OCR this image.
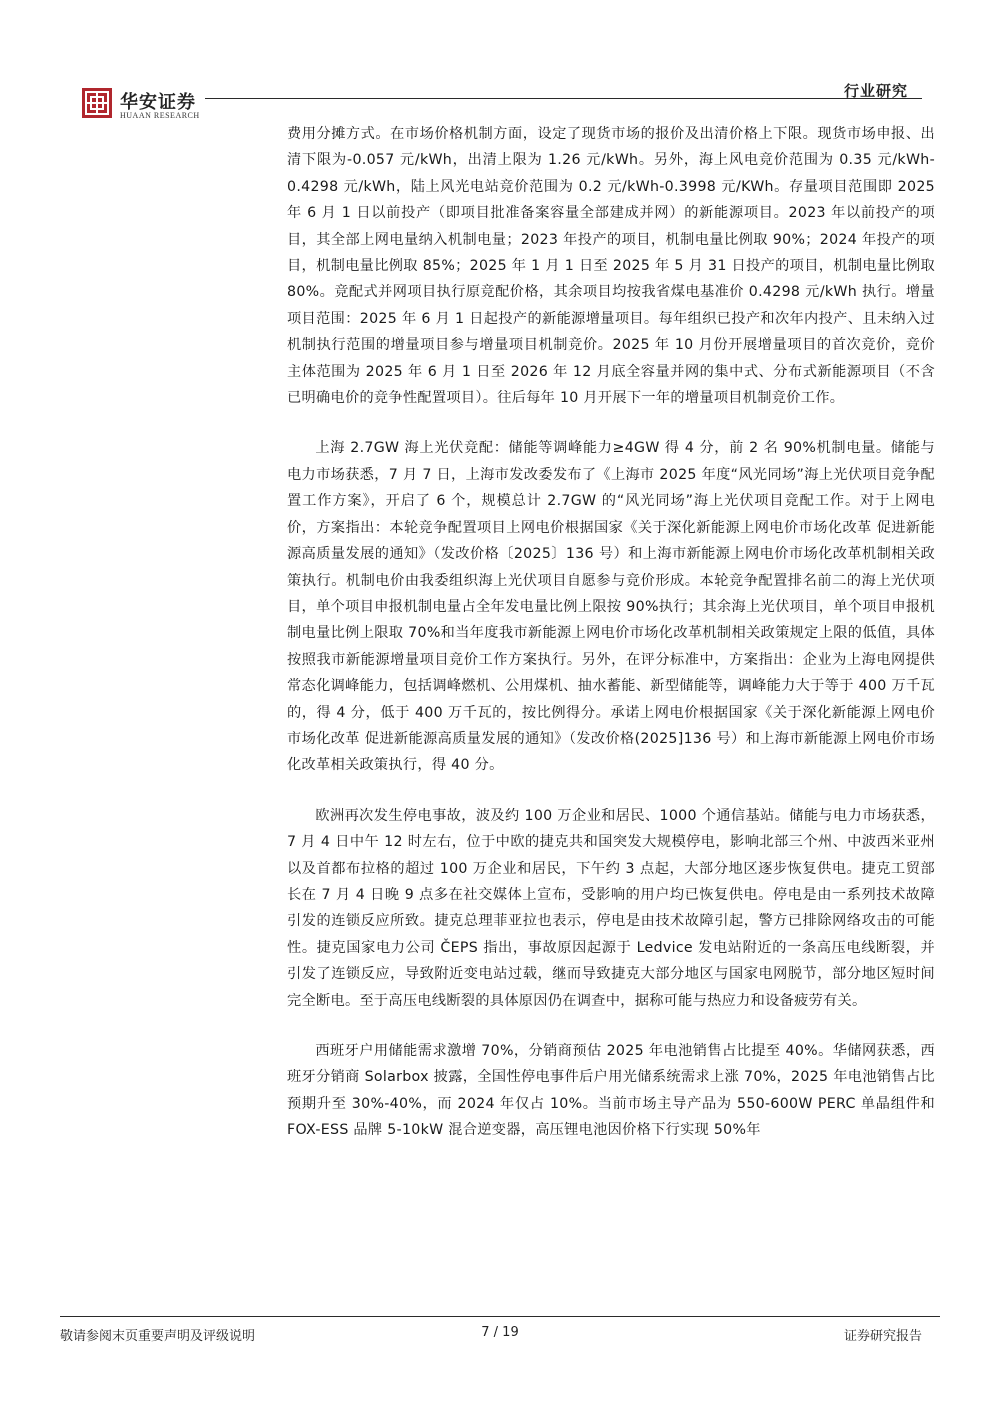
华安证券
HUAAN RESEARCH
行业研究

费用分摊方式。在市场价格机制方面，设定了现货市场的报价及出清价格上下限。现货市场申报、出清下限为-0.057 元/kWh，出清上限为 1.26 元/kWh。另外，海上风电竞价范围为 0.35 元/kWh-0.4298 元/kWh，陆上风光电站竞价范围为 0.2 元/kWh-0.3998 元/KWh。存量项目范围即 2025 年 6 月 1 日以前投产（即项目批准备案容量全部建成并网）的新能源项目。2023 年以前投产的项目，其全部上网电量纳入机制电量；2023 年投产的项目，机制电量比例取 90%；2024 年投产的项目，机制电量比例取 85%；2025 年 1 月 1 日至 2025 年 5 月 31 日投产的项目，机制电量比例取 80%。竞配式并网项目执行原竞配价格，其余项目均按我省煤电基准价 0.4298 元/kWh 执行。增量项目范围：2025 年 6 月 1 日起投产的新能源增量项目。每年组织已投产和次年内投产、且未纳入过机制执行范围的增量项目参与增量项目机制竞价。2025 年 10 月份开展增量项目的首次竞价，竞价主体范围为 2025 年 6 月 1 日至 2026 年 12 月底全容量并网的集中式、分布式新能源项目（不含已明确电价的竞争性配置项目）。往后每年 10 月开展下一年的增量项目机制竞价工作。

上海 2.7GW 海上光伏竞配：储能等调峰能力≥4GW 得 4 分，前 2 名 90%机制电量。储能与电力市场获悉，7 月 7 日，上海市发改委发布了《上海市 2025 年度“风光同场”海上光伏项目竞争配置工作方案》，开启了 6 个，规模总计 2.7GW 的“风光同场”海上光伏项目竞配工作。对于上网电价，方案指出：本轮竞争配置项目上网电价根据国家《关于深化新能源上网电价市场化改革 促进新能源高质量发展的通知》（发改价格〔2025〕136 号）和上海市新能源上网电价市场化改革机制相关政策执行。机制电价由我委组织海上光伏项目自愿参与竞价形成。本轮竞争配置排名前二的海上光伏项目，单个项目申报机制电量占全年发电量比例上限按 90%执行；其余海上光伏项目，单个项目申报机制电量比例上限取 70%和当年度我市新能源上网电价市场化改革机制相关政策规定上限的低值，具体按照我市新能源增量项目竞价工作方案执行。另外，在评分标准中，方案指出：企业为上海电网提供常态化调峰能力，包括调峰燃机、公用煤机、抽水蓄能、新型储能等，调峰能力大于等于 400 万千瓦的，得 4 分，低于 400 万千瓦的，按比例得分。承诺上网电价根据国家《关于深化新能源上网电价市场化改革 促进新能源高质量发展的通知》（发改价格(2025]136 号）和上海市新能源上网电价市场化改革相关政策执行，得 40 分。

欧洲再次发生停电事故，波及约 100 万企业和居民、1000 个通信基站。储能与电力市场获悉，7 月 4 日中午 12 时左右，位于中欧的捷克共和国突发大规模停电，影响北部三个州、中波西米亚州以及首都布拉格的超过 100 万企业和居民，下午约 3 点起，大部分地区逐步恢复供电。捷克工贸部长在 7 月 4 日晚 9 点多在社交媒体上宣布，受影响的用户均已恢复供电。停电是由一系列技术故障引发的连锁反应所致。捷克总理菲亚拉也表示，停电是由技术故障引起，警方已排除网络攻击的可能性。捷克国家电力公司 ČEPS 指出，事故原因起源于 Ledvice 发电站附近的一条高压电线断裂，并引发了连锁反应，导致附近变电站过载，继而导致捷克大部分地区与国家电网脱节，部分地区短时间完全断电。至于高压电线断裂的具体原因仍在调查中，据称可能与热应力和设备疲劳有关。

西班牙户用储能需求激增 70%，分销商预估 2025 年电池销售占比提至 40%。华储网获悉，西班牙分销商 Solarbox 披露，全国性停电事件后户用光储系统需求上涨 70%，2025 年电池销售占比预期升至 30%-40%，而 2024 年仅占 10%。当前市场主导产品为 550-600W PERC 单晶组件和 FOX-ESS 品牌 5-10kW 混合逆变器，高压锂电池因价格下行实现 50%年

敬请参阅末页重要声明及评级说明	7 / 19	证券研究报告
